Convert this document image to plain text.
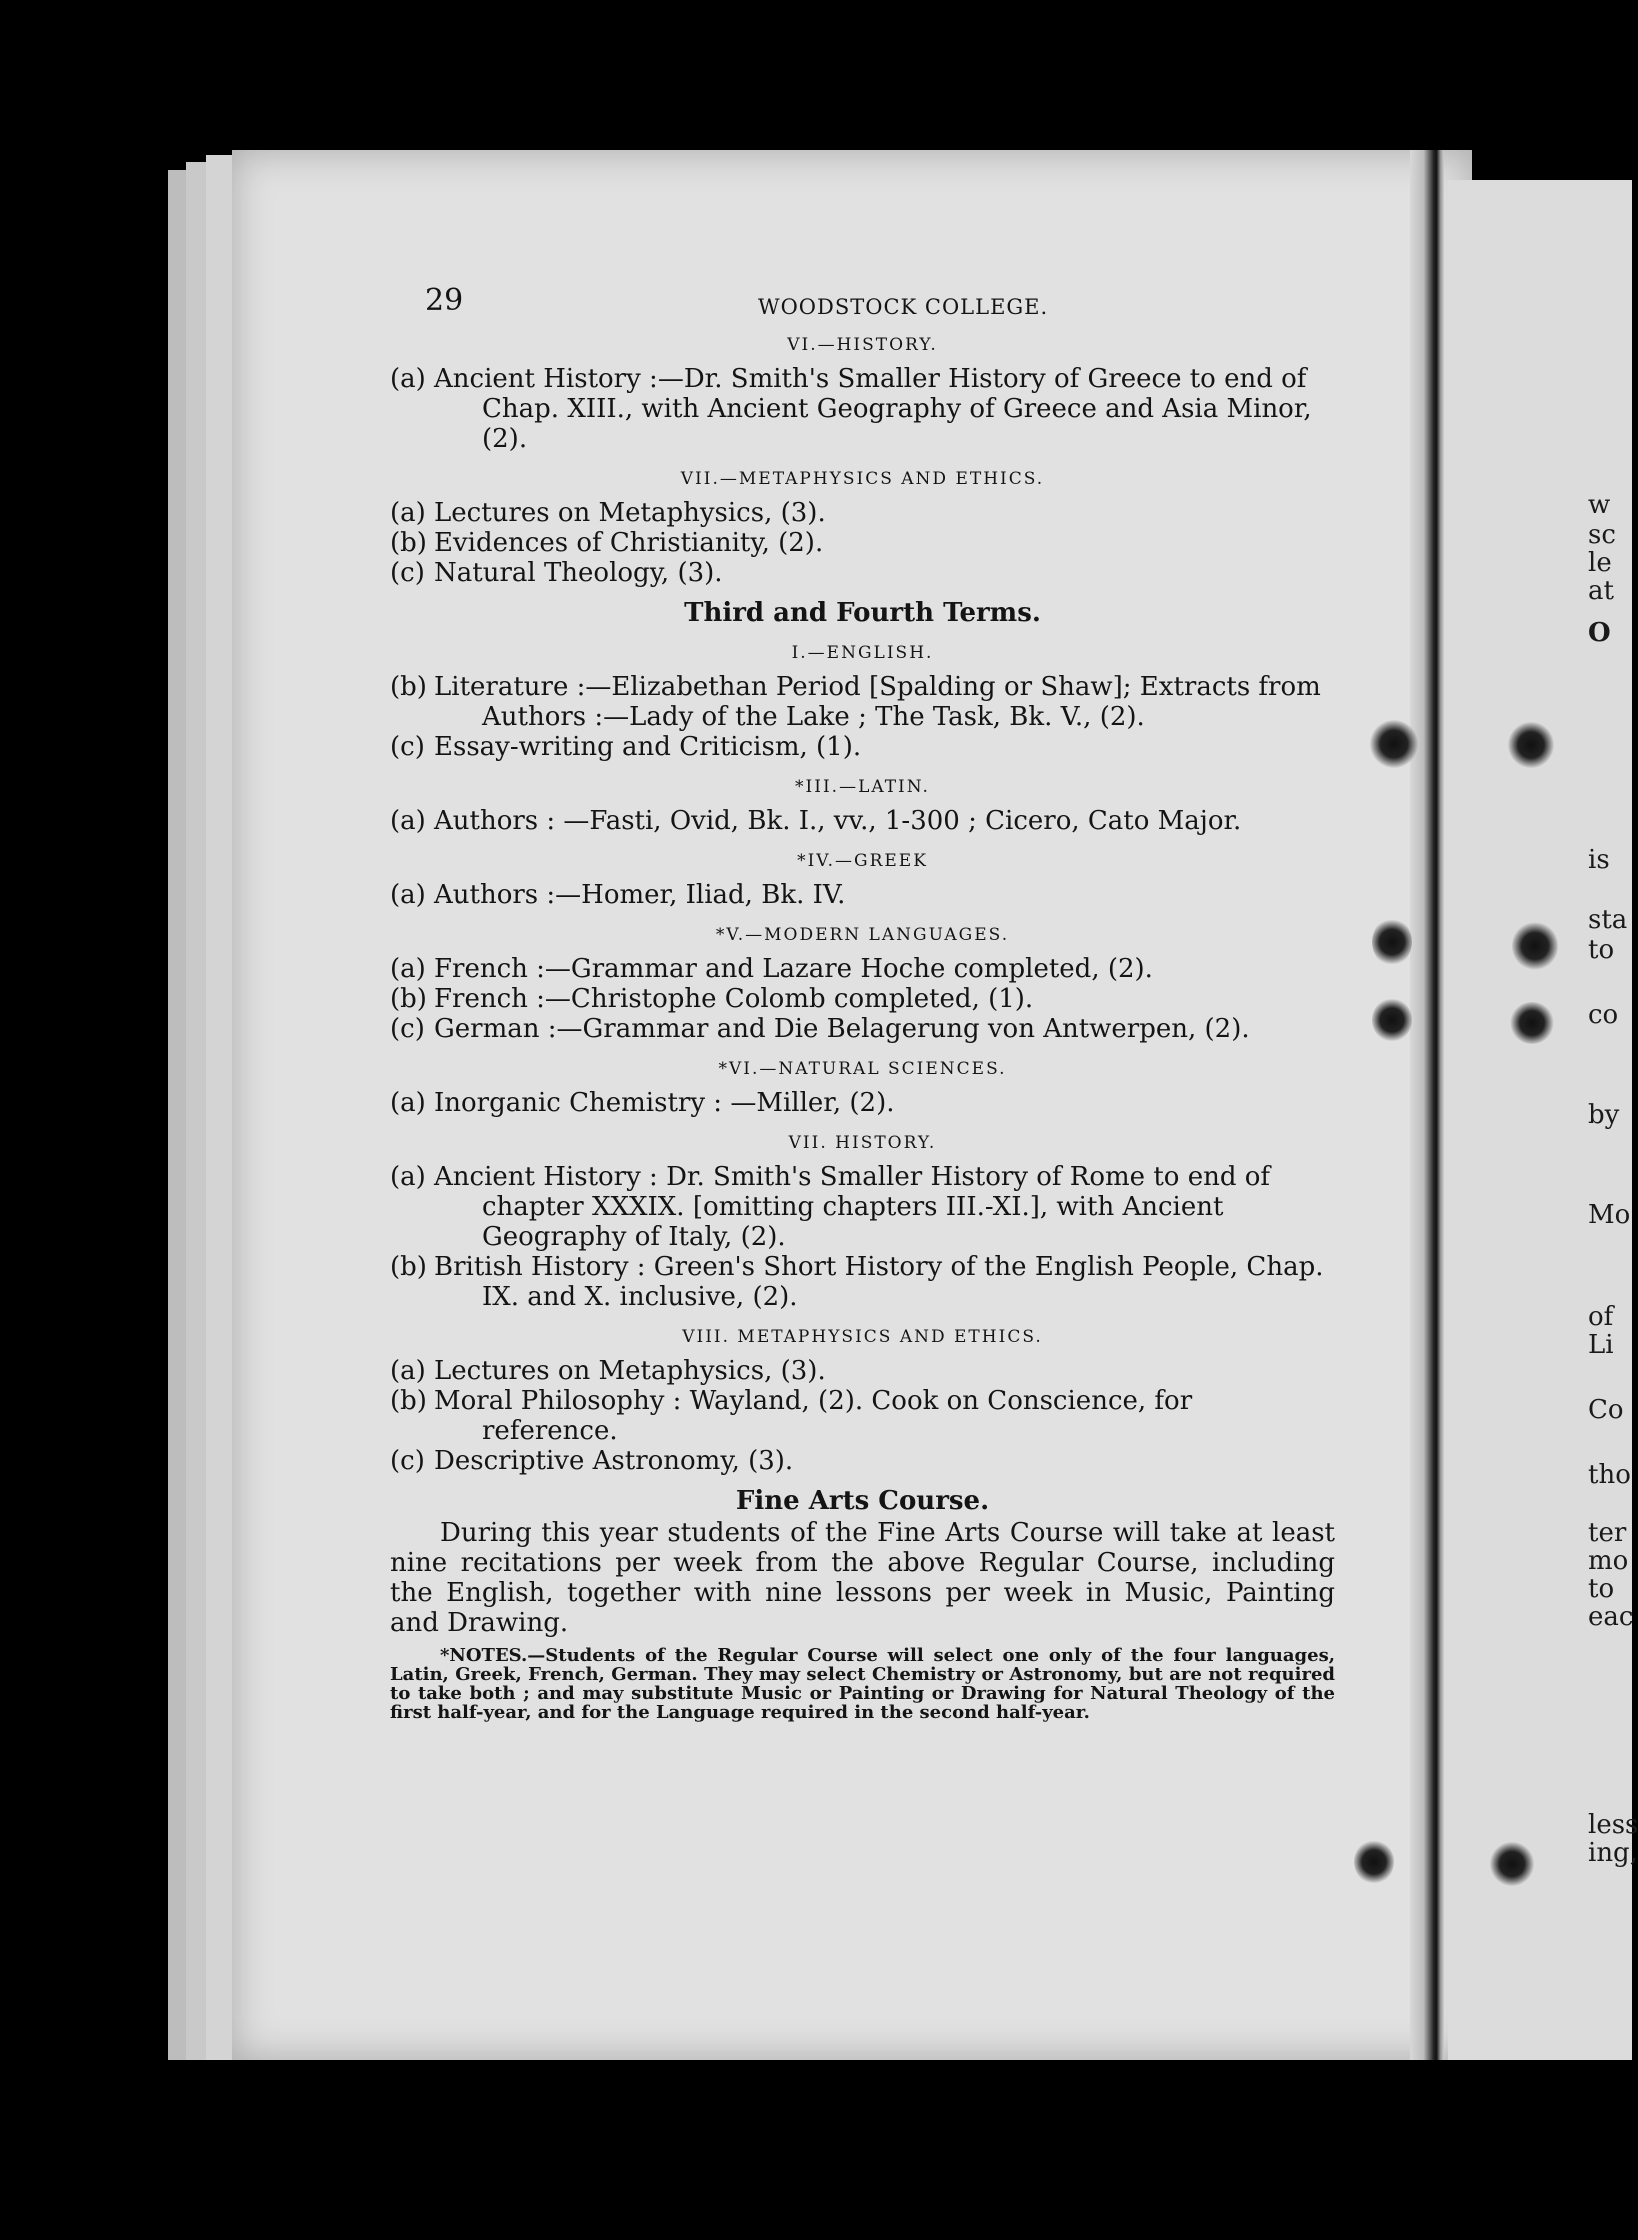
w
sc
le
at
O
is
sta
to
co
by
Mo
of
Li
Co
tho
ter
mo
to
eac
less
ing,
29	WOODSTOCK COLLEGE.
VI.—HISTORY.

(a) Ancient History :—Dr. Smith's Smaller History of Greece to end of Chap. XIII., with Ancient Geography of Greece and Asia Minor, (2).

VII.—METAPHYSICS AND ETHICS.

(a) Lectures on Metaphysics, (3).

(b) Evidences of Christianity, (2).

(c) Natural Theology, (3).

Third and Fourth Terms.
I.—ENGLISH.

(b) Literature :—Elizabethan Period [Spalding or Shaw]; Extracts from Authors :—Lady of the Lake ; The Task, Bk. V., (2).

(c) Essay-writing and Criticism, (1).

*III.—LATIN.

(a) Authors : —Fasti, Ovid, Bk. I., vv., 1-300 ; Cicero, Cato Major.

*IV.—GREEK

(a) Authors :—Homer, Iliad, Bk. IV.

*V.—MODERN LANGUAGES.

(a) French :—Grammar and Lazare Hoche completed, (2).

(b) French :—Christophe Colomb completed, (1).

(c) German :—Grammar and Die Belagerung von Antwerpen, (2).

*VI.—NATURAL SCIENCES.

(a) Inorganic Chemistry : —Miller, (2).

VII. HISTORY.

(a) Ancient History : Dr. Smith's Smaller History of Rome to end of chapter XXXIX. [omitting chapters III.-XI.], with Ancient Geography of Italy, (2).

(b) British History : Green's Short History of the English People, Chap. IX. and X. inclusive, (2).

VIII. METAPHYSICS AND ETHICS.

(a) Lectures on Metaphysics, (3).

(b) Moral Philosophy : Wayland, (2). Cook on Conscience, for reference.

(c) Descriptive Astronomy, (3).

Fine Arts Course.

During this year students of the Fine Arts Course will take at least nine recitations per week from the above Regular Course, including the English, together with nine lessons per week in Music, Painting and Drawing.

*NOTES.—Students of the Regular Course will select one only of the four languages, Latin, Greek, French, German. They may select Chemistry or Astronomy, but are not required to take both ; and may substitute Music or Painting or Drawing for Natural Theology of the first half-year, and for the Language required in the second half-year.
